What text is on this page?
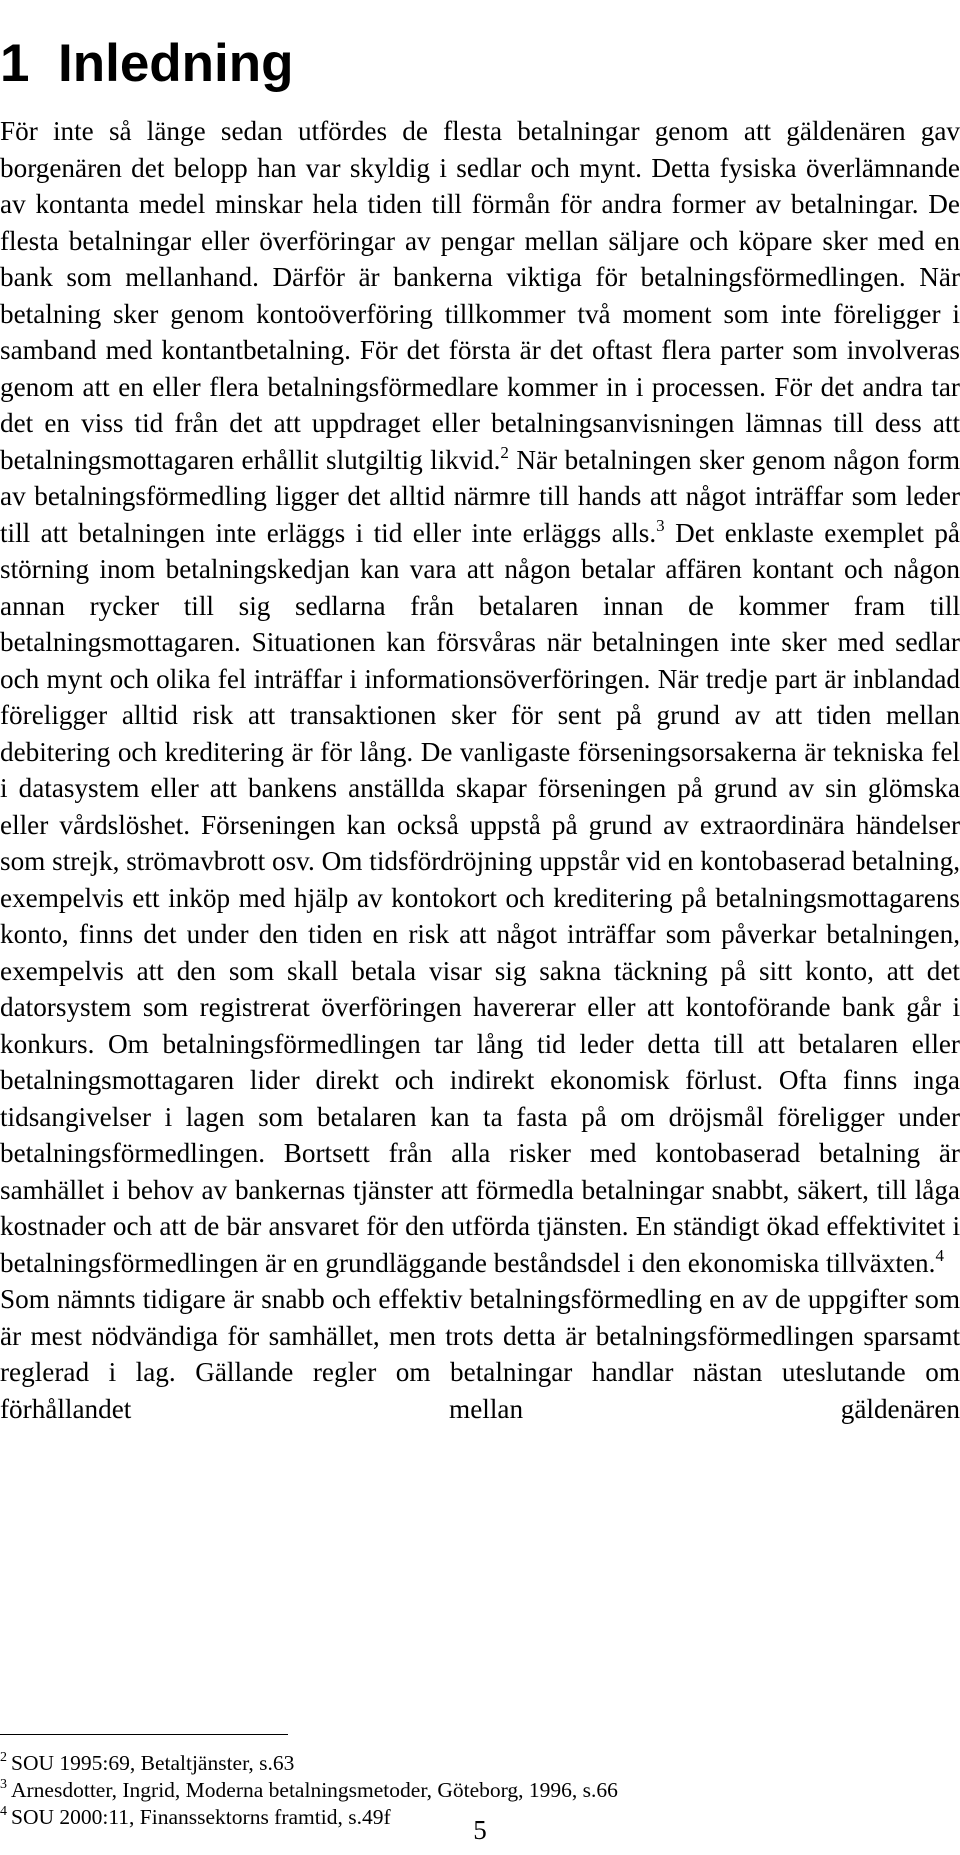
1 Inledning

För inte så länge sedan utfördes de flesta betalningar genom att gäldenären gav borgenären det belopp han var skyldig i sedlar och mynt. Detta fysiska överlämnande av kontanta medel minskar hela tiden till förmån för andra former av betalningar. De flesta betalningar eller överföringar av pengar mellan säljare och köpare sker med en bank som mellanhand. Därför är bankerna viktiga för betalningsförmedlingen. När betalning sker genom kontoöverföring tillkommer två moment som inte föreligger i samband med kontantbetalning. För det första är det oftast flera parter som involveras genom att en eller flera betalningsförmedlare kommer in i processen. För det andra tar det en viss tid från det att uppdraget eller betalningsanvisningen lämnas till dess att betalningsmottagaren erhållit slutgiltig likvid.$^2$ När betalningen sker genom någon form av betalningsförmedling ligger det alltid närmre till hands att något inträffar som leder till att betalningen inte erläggs i tid eller inte erläggs alls.$^3$ Det enklaste exemplet på störning inom betalningskedjan kan vara att någon betalar affären kontant och någon annan rycker till sig sedlarna från betalaren innan de kommer fram till betalningsmottagaren. Situationen kan försvåras när betalningen inte sker med sedlar och mynt och olika fel inträffar i informationsöverföringen. När tredje part är inblandad föreligger alltid risk att transaktionen sker för sent på grund av att tiden mellan debitering och kreditering är för lång. De vanligaste förseningsorsakerna är tekniska fel i datasystem eller att bankens anställda skapar förseningen på grund av sin glömska eller vårdslöshet. Förseningen kan också uppstå på grund av extraordinära händelser som strejk, strömavbrott osv. Om tidsfördröjning uppstår vid en kontobaserad betalning, exempelvis ett inköp med hjälp av kontokort och kreditering på betalningsmottagarens konto, finns det under den tiden en risk att något inträffar som påverkar betalningen, exempelvis att den som skall betala visar sig sakna täckning på sitt konto, att det datorsystem som registrerat överföringen havererar eller att kontoförande bank går i konkurs. Om betalningsförmedlingen tar lång tid leder detta till att betalaren eller betalningsmottagaren lider direkt och indirekt ekonomisk förlust. Ofta finns inga tidsangivelser i lagen som betalaren kan ta fasta på om dröjsmål föreligger under betalningsförmedlingen. Bortsett från alla risker med kontobaserad betalning är samhället i behov av bankernas tjänster att förmedla betalningar snabbt, säkert, till låga kostnader och att de bär ansvaret för den utförda tjänsten. En ständigt ökad effektivitet i betalningsförmedlingen är en grundläggande beståndsdel i den ekonomiska tillväxten.$^4$

Som nämnts tidigare är snabb och effektiv betalningsförmedling en av de uppgifter som är mest nödvändiga för samhället, men trots detta är betalningsförmedlingen sparsamt reglerad i lag. Gällande regler om betalningar handlar nästan uteslutande om förhållandet mellan gäldenären

$^2$ SOU 1995:69, Betaltjänster, s.63
$^3$ Arnesdotter, Ingrid, Moderna betalningsmetoder, Göteborg, 1996, s.66
$^4$ SOU 2000:11, Finanssektorns framtid, s.49f	5
